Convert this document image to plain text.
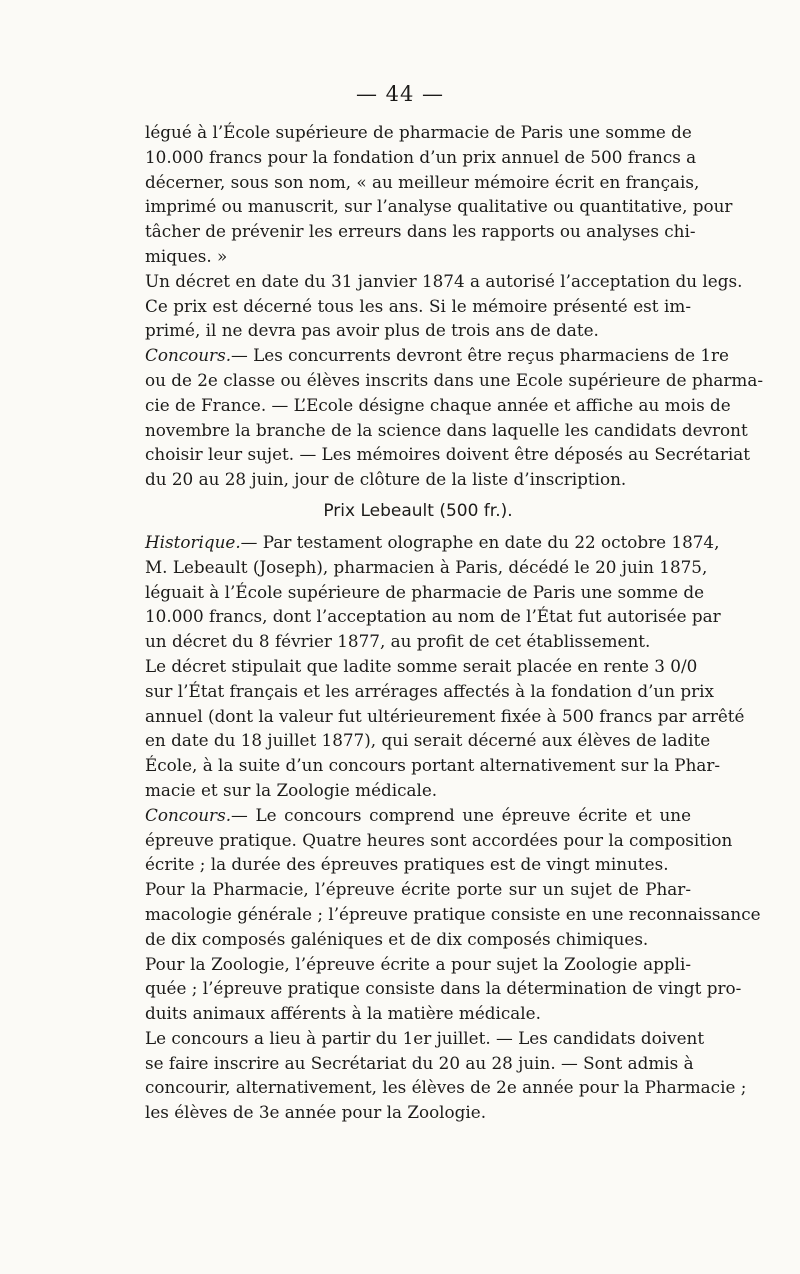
— 44 —
légué à l’École supérieure de pharmacie de Paris une somme de
10.000 francs pour la fondation d’un prix annuel de 500 francs a
décerner, sous son nom, « au meilleur mémoire écrit en français,
imprimé ou manuscrit, sur l’analyse qualitative ou quantitative, pour
tâcher de prévenir les erreurs dans les rapports ou analyses chi-
miques. »
Un décret en date du 31 janvier 1874 a autorisé l’acceptation du legs.
Ce prix est décerné tous les ans. Si le mémoire présenté est im-
primé, il ne devra pas avoir plus de trois ans de date.
Concours.— Les concurrents devront être reçus pharmaciens de 1re
ou de 2e classe ou élèves inscrits dans une Ecole supérieure de pharma-
cie de France. — L’Ecole désigne chaque année et affiche au mois de
novembre la branche de la science dans laquelle les candidats devront
choisir leur sujet. — Les mémoires doivent être déposés au Secrétariat
du 20 au 28 juin, jour de clôture de la liste d’inscription.
Prix Lebeault (500 fr.).
Historique.— Par testament olographe en date du 22 octobre 1874,
M. Lebeault (Joseph), pharmacien à Paris, décédé le 20 juin 1875,
léguait à l’École supérieure de pharmacie de Paris une somme de
10.000 francs, dont l’acceptation au nom de l’État fut autorisée par
un décret du 8 février 1877, au profit de cet établissement.
Le décret stipulait que ladite somme serait placée en rente 3 0/0
sur l’État français et les arrérages affectés à la fondation d’un prix
annuel (dont la valeur fut ultérieurement fixée à 500 francs par arrêté
en date du 18 juillet 1877), qui serait décerné aux élèves de ladite
École, à la suite d’un concours portant alternativement sur la Phar-
macie et sur la Zoologie médicale.
Concours.— Le concours comprend une épreuve écrite et une
épreuve pratique. Quatre heures sont accordées pour la composition
écrite ; la durée des épreuves pratiques est de vingt minutes.
Pour la Pharmacie, l’épreuve écrite porte sur un sujet de Phar-
macologie générale ; l’épreuve pratique consiste en une reconnaissance
de dix composés galéniques et de dix composés chimiques.
Pour la Zoologie, l’épreuve écrite a pour sujet la Zoologie appli-
quée ; l’épreuve pratique consiste dans la détermination de vingt pro-
duits animaux afférents à la matière médicale.
Le concours a lieu à partir du 1er juillet. — Les candidats doivent
se faire inscrire au Secrétariat du 20 au 28 juin. — Sont admis à
concourir, alternativement, les élèves de 2e année pour la Pharmacie ;
les élèves de 3e année pour la Zoologie.
